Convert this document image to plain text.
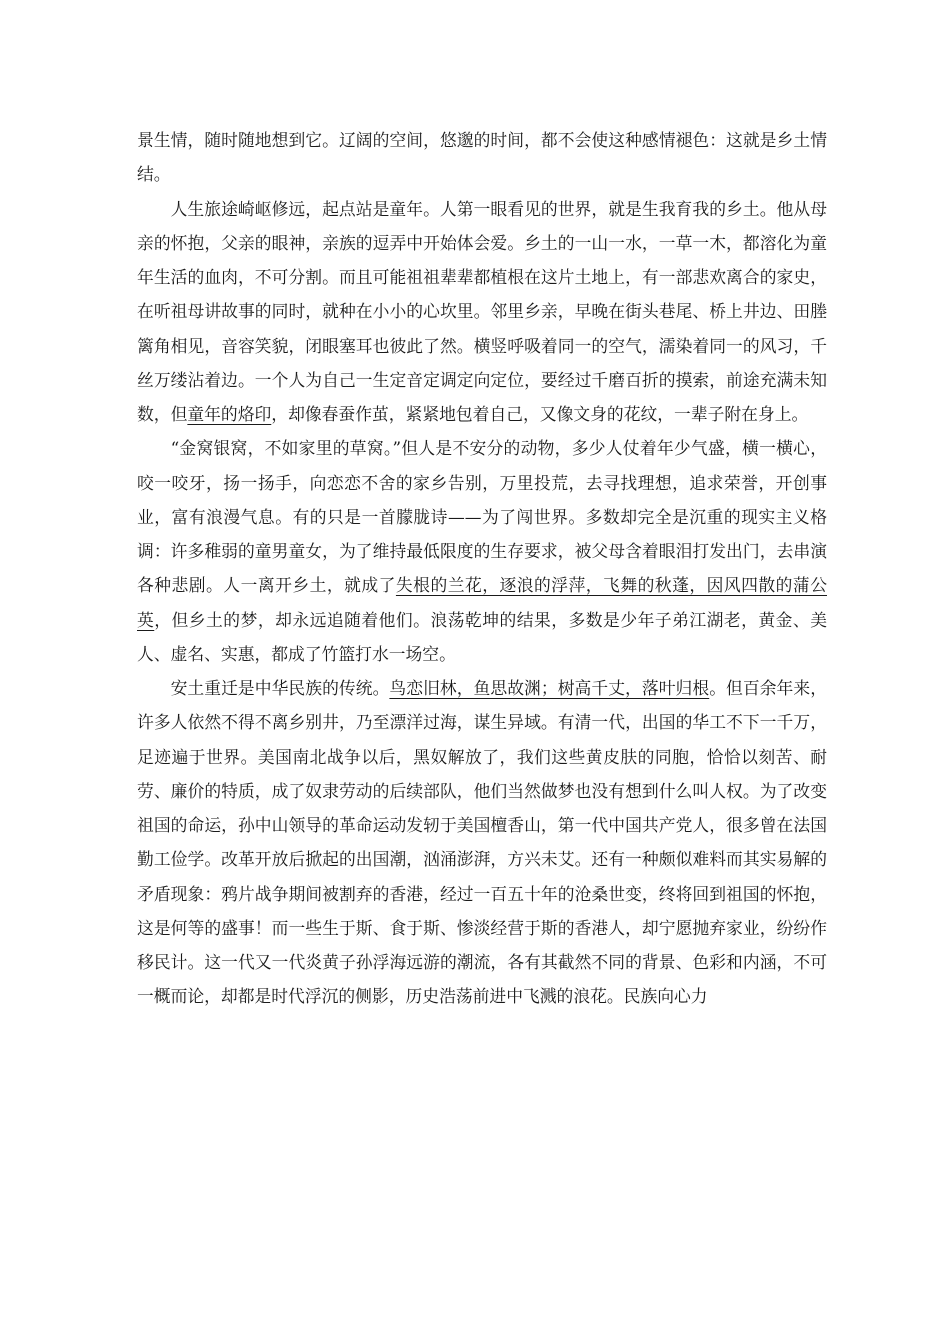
景生情，随时随地想到它。辽阔的空间，悠邈的时间，都不会使这种感情褪色：这就是乡土情结。

人生旅途崎岖修远，起点站是童年。人第一眼看见的世界，就是生我育我的乡土。他从母亲的怀抱，父亲的眼神，亲族的逗弄中开始体会爱。乡土的一山一水，一草一木，都溶化为童年生活的血肉，不可分割。而且可能祖祖辈辈都植根在这片土地上，有一部悲欢离合的家史，在听祖母讲故事的同时，就种在小小的心坎里。邻里乡亲，早晚在街头巷尾、桥上井边、田塍篱角相见，音容笑貌，闭眼塞耳也彼此了然。横竖呼吸着同一的空气，濡染着同一的风习，千丝万缕沾着边。一个人为自己一生定音定调定向定位，要经过千磨百折的摸索，前途充满未知数，但童年的烙印，却像春蚕作茧，紧紧地包着自己，又像文身的花纹，一辈子附在身上。

“金窝银窝，不如家里的草窝。”但人是不安分的动物，多少人仗着年少气盛，横一横心，咬一咬牙，扬一扬手，向恋恋不舍的家乡告别，万里投荒，去寻找理想，追求荣誉，开创事业，富有浪漫气息。有的只是一首朦胧诗——为了闯世界。多数却完全是沉重的现实主义格调：许多稚弱的童男童女，为了维持最低限度的生存要求，被父母含着眼泪打发出门，去串演各种悲剧。人一离开乡土，就成了失根的兰花，逐浪的浮萍，飞舞的秋蓬，因风四散的蒲公英，但乡土的梦，却永远追随着他们。浪荡乾坤的结果，多数是少年子弟江湖老，黄金、美人、虚名、实惠，都成了竹篮打水一场空。

安土重迁是中华民族的传统。鸟恋旧林，鱼思故渊；树高千丈，落叶归根。但百余年来，许多人依然不得不离乡别井，乃至漂洋过海，谋生异域。有清一代，出国的华工不下一千万，足迹遍于世界。美国南北战争以后，黑奴解放了，我们这些黄皮肤的同胞，恰恰以刻苦、耐劳、廉价的特质，成了奴隶劳动的后续部队，他们当然做梦也没有想到什么叫人权。为了改变祖国的命运，孙中山领导的革命运动发轫于美国檀香山，第一代中国共产党人，很多曾在法国勤工俭学。改革开放后掀起的出国潮，汹涌澎湃，方兴未艾。还有一种颇似难料而其实易解的矛盾现象：鸦片战争期间被割弃的香港，经过一百五十年的沧桑世变，终将回到祖国的怀抱，这是何等的盛事！而一些生于斯、食于斯、惨淡经营于斯的香港人，却宁愿抛弃家业，纷纷作移民计。这一代又一代炎黄子孙浮海远游的潮流，各有其截然不同的背景、色彩和内涵，不可一概而论，却都是时代浮沉的侧影，历史浩荡前进中飞溅的浪花。民族向心力
